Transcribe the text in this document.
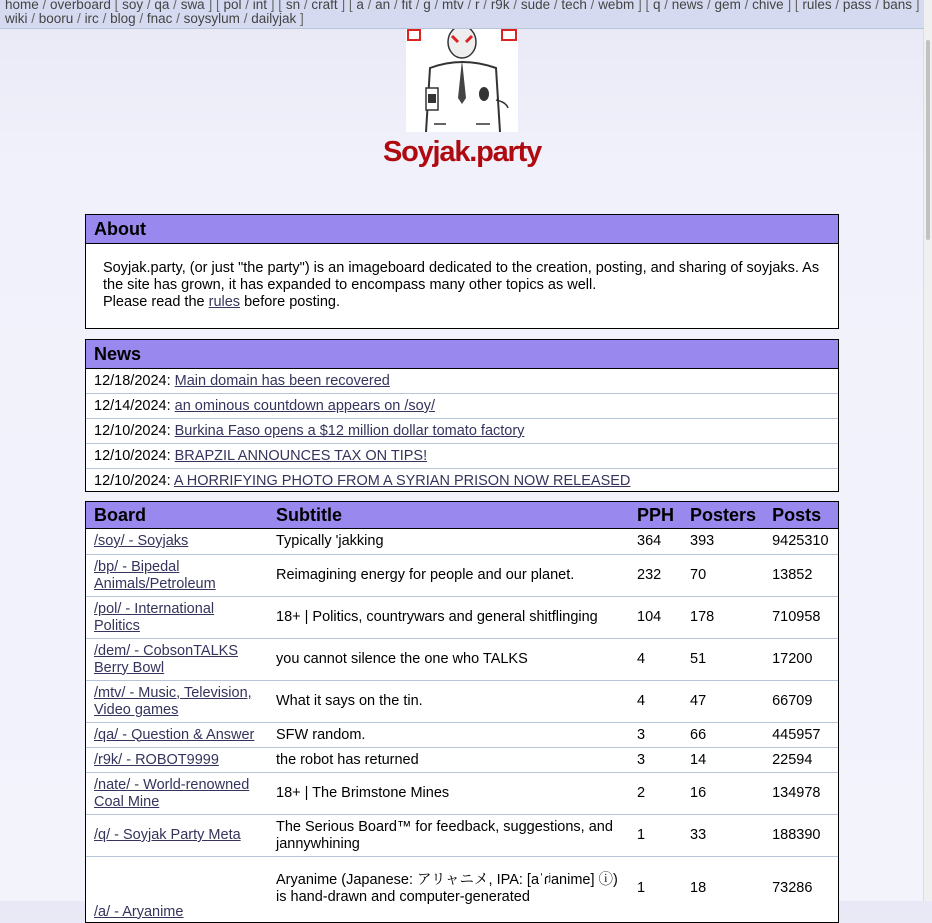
home / overboard [ soy / qa / swa ] [ pol / int ] [ sn / craft ] [ a / an / fit / g / mtv / r / r9k / sude / tech / webm ] [ q / news / gem / chive ] [ rules / pass / bans ]
wiki / booru / irc / blog / fnac / soysylum / dailyjak ]
Soyjak.party
About
Soyjak.party, (or just "the party") is an imageboard dedicated to the creation, posting, and sharing of soyjaks. As the site has grown, it has expanded to encompass many other topics as well.
Please read the rules before posting.
News
12/18/2024: Main domain has been recovered
12/14/2024: an ominous countdown appears on /soy/
12/10/2024: Burkina Faso opens a $12 million dollar tomato factory
12/10/2024: BRAPZIL ANNOUNCES TAX ON TIPS!
12/10/2024: A HORRIFYING PHOTO FROM A SYRIAN PRISON NOW RELEASED
Board	Subtitle	PPH	Posters	Posts
/soy/ - Soyjaks	Typically 'jakking	364	393	9425310
/bp/ - Bipedal Animals/Petroleum	Reimagining energy for people and our planet.	232	70	13852
/pol/ - International Politics	18+ | Politics, countrywars and general shitflinging	104	178	710958
/dem/ - CobsonTALKS Berry Bowl	you cannot silence the one who TALKS	4	51	17200
/mtv/ - Music, Television, Video games	What it says on the tin.	4	47	66709
/qa/ - Question & Answer	SFW random.	3	66	445957
/r9k/ - ROBOT9999	the robot has returned	3	14	22594
/nate/ - World-renowned Coal Mine	18+ | The Brimstone Mines	2	16	134978
/q/ - Soyjak Party Meta	The Serious Board™ for feedback, suggestions, and jannywhining	1	33	188390
/a/ - Aryanime	Aryanime (Japanese: アリャニメ, IPA: [aˈɾʲanime] ⓘ) is hand-drawn and computer-generated	1	18	73286
